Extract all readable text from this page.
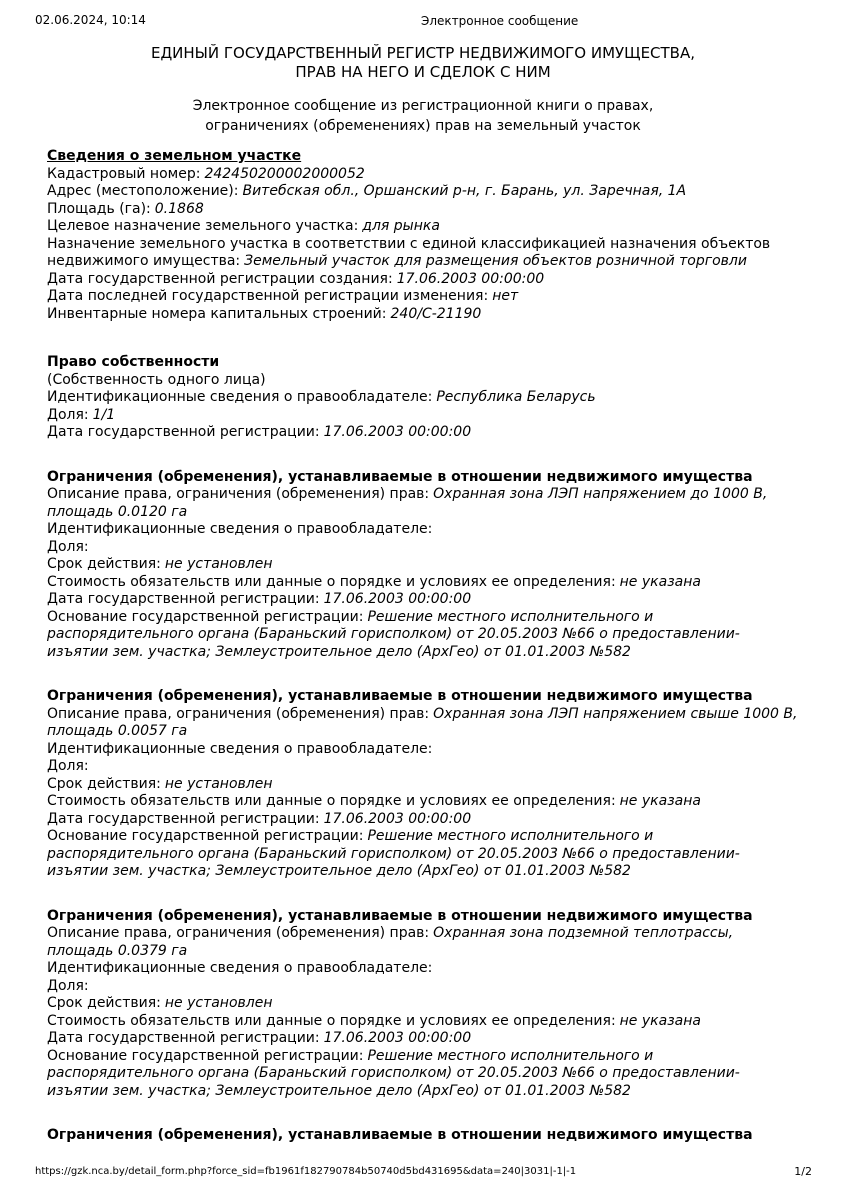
02.06.2024, 10:14	Электронное сообщение
ЕДИНЫЙ ГОСУДАРСТВЕННЫЙ РЕГИСТР НЕДВИЖИМОГО ИМУЩЕСТВА,
ПРАВ НА НЕГО И СДЕЛОК С НИМ
Электронное сообщение из регистрационной книги о правах,
ограничениях (обременениях) прав на земельный участок
Сведения о земельном участке
Кадастровый номер: 242450200002000052
Адрес (местоположение): Витебская обл., Оршанский р-н, г. Барань, ул. Заречная, 1А
Площадь (га): 0.1868
Целевое назначение земельного участка: для рынка
Назначение земельного участка в соответствии с единой классификацией назначения объектов недвижимого имущества: Земельный участок для размещения объектов розничной торговли
Дата государственной регистрации создания: 17.06.2003 00:00:00
Дата последней государственной регистрации изменения: нет
Инвентарные номера капитальных строений: 240/С-21190
Право собственности
(Собственность одного лица)
Идентификационные сведения о правообладателе: Республика Беларусь
Доля: 1/1
Дата государственной регистрации: 17.06.2003 00:00:00
Ограничения (обременения), устанавливаемые в отношении недвижимого имущества
Описание права, ограничения (обременения) прав: Охранная зона ЛЭП напряжением до 1000 В, площадь 0.0120 га
Идентификационные сведения о правообладателе:
Доля:
Срок действия: не установлен
Стоимость обязательств или данные о порядке и условиях ее определения: не указана
Дата государственной регистрации: 17.06.2003 00:00:00
Основание государственной регистрации: Решение местного исполнительного и распорядительного органа (Бараньский горисполком) от 20.05.2003 №66 о предоставлении-изъятии зем. участка; Землеустроительное дело (АрхГео) от 01.01.2003 №582
Ограничения (обременения), устанавливаемые в отношении недвижимого имущества
Описание права, ограничения (обременения) прав: Охранная зона ЛЭП напряжением свыше 1000 В, площадь 0.0057 га
Идентификационные сведения о правообладателе:
Доля:
Срок действия: не установлен
Стоимость обязательств или данные о порядке и условиях ее определения: не указана
Дата государственной регистрации: 17.06.2003 00:00:00
Основание государственной регистрации: Решение местного исполнительного и распорядительного органа (Бараньский горисполком) от 20.05.2003 №66 о предоставлении-изъятии зем. участка; Землеустроительное дело (АрхГео) от 01.01.2003 №582
Ограничения (обременения), устанавливаемые в отношении недвижимого имущества
Описание права, ограничения (обременения) прав: Охранная зона подземной теплотрассы, площадь 0.0379 га
Идентификационные сведения о правообладателе:
Доля:
Срок действия: не установлен
Стоимость обязательств или данные о порядке и условиях ее определения: не указана
Дата государственной регистрации: 17.06.2003 00:00:00
Основание государственной регистрации: Решение местного исполнительного и распорядительного органа (Бараньский горисполком) от 20.05.2003 №66 о предоставлении-изъятии зем. участка; Землеустроительное дело (АрхГео) от 01.01.2003 №582
Ограничения (обременения), устанавливаемые в отношении недвижимого имущества
https://gzk.nca.by/detail_form.php?force_sid=fb1961f182790784b50740d5bd431695&data=240|3031|-1|-1	1/2
